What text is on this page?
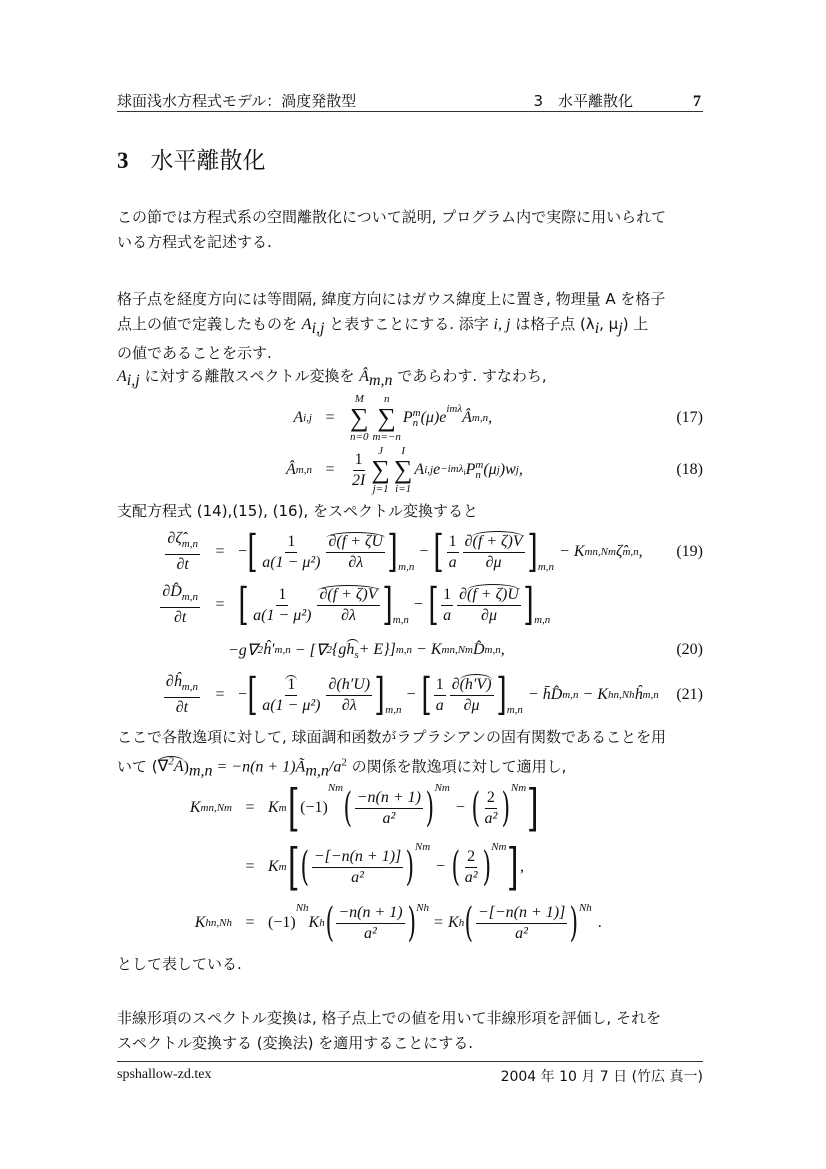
球面浅水方程式モデル：渦度発散型	3　水平離散化	7
3 水平離散化
この節では方程式系の空間離散化について説明, プログラム内で実際に用いられて
いる方程式を記述する.
格子点を経度方向には等間隔, 緯度方向にはガウス緯度上に置き, 物理量 A を格子
点上の値で定義したものを $A_{i,j}$ と表すことにする. 添字 i, j は格子点 ($\lambda_i$, $\mu_j$) 上
の値であることを示す.
$A_{i,j}$ に対する離散スペクトル変換を $Â_{m,n}$ であらわす. すなわち,
A i,j =
M
∑
n=0
n
∑
m=−n
P m
n $(\mu)e^{im\lambda}$ Â m,n ,	(17)
Â m,n =
1
2I
J
∑
j=1
I
∑
i=1
A i,j e −imλ$_i$ P m
n (μ j )w j ,	(18)
支配方程式 (14),(15), (16), をスペクトル変換すると
$\partial\zetâ_{m,n}$
∂t
= − [ 1
a(1 − μ²)
∂(f + ζU
∂λ ] m,n
− [ 1
a
∂(f + ζ)V
∂μ ] m,n
− K mn,Nm ζ̂ m,n ,	(19)
$\partial D̂_{m,n}$
∂t
= [ 1
a(1 − μ²)
∂(f + ζ)V
∂λ ] m,n
− [ 1
a
∂(f + ζ)U
∂μ ] m,n
−g∇ 2 ĥ′ m,n
− [∇ 2 {g $h_s + E$}] m,n
− K mn,Nm D̂ m,n ,	(20)
$\partial ĥ_{m,n}$
∂t
= − [ 1
a(1 − μ²)
∂(h′U)
∂λ ] m,n
− [ 1
a
∂(h′V)
∂μ ] m,n
− h̄D̂ m,n
− K hn,Nh ĥ m,n	(21)
ここで各散逸項に対して, 球面調和函数がラプラシアンの固有関数であることを用
いて $(\nabla^2A)_{m,n} = -n(n$ + $1)Ã_{m,n}/a^2$ の関係を散逸項に対して適用し,
K mn,Nm = K m [ (−1)
Nm ( −n(n + 1)
a² ) Nm
− ( 2
a² ) Nm ]
= K m [ ( −[−n(n + 1)]
a² ) Nm
− ( 2
a² ) Nm ] ,
K hn,Nh = (−1)
Nh
K h ( −n(n + 1)
a² ) Nh
= K h ( −[−n(n + 1)]
a² ) Nh
.
として表している.
非線形項のスペクトル変換は, 格子点上での値を用いて非線形項を評価し, それを
スペクトル変換する (変換法) を適用することにする.
spshallow-zd.tex	2004 年 10 月 7 日 (竹広 真一)
